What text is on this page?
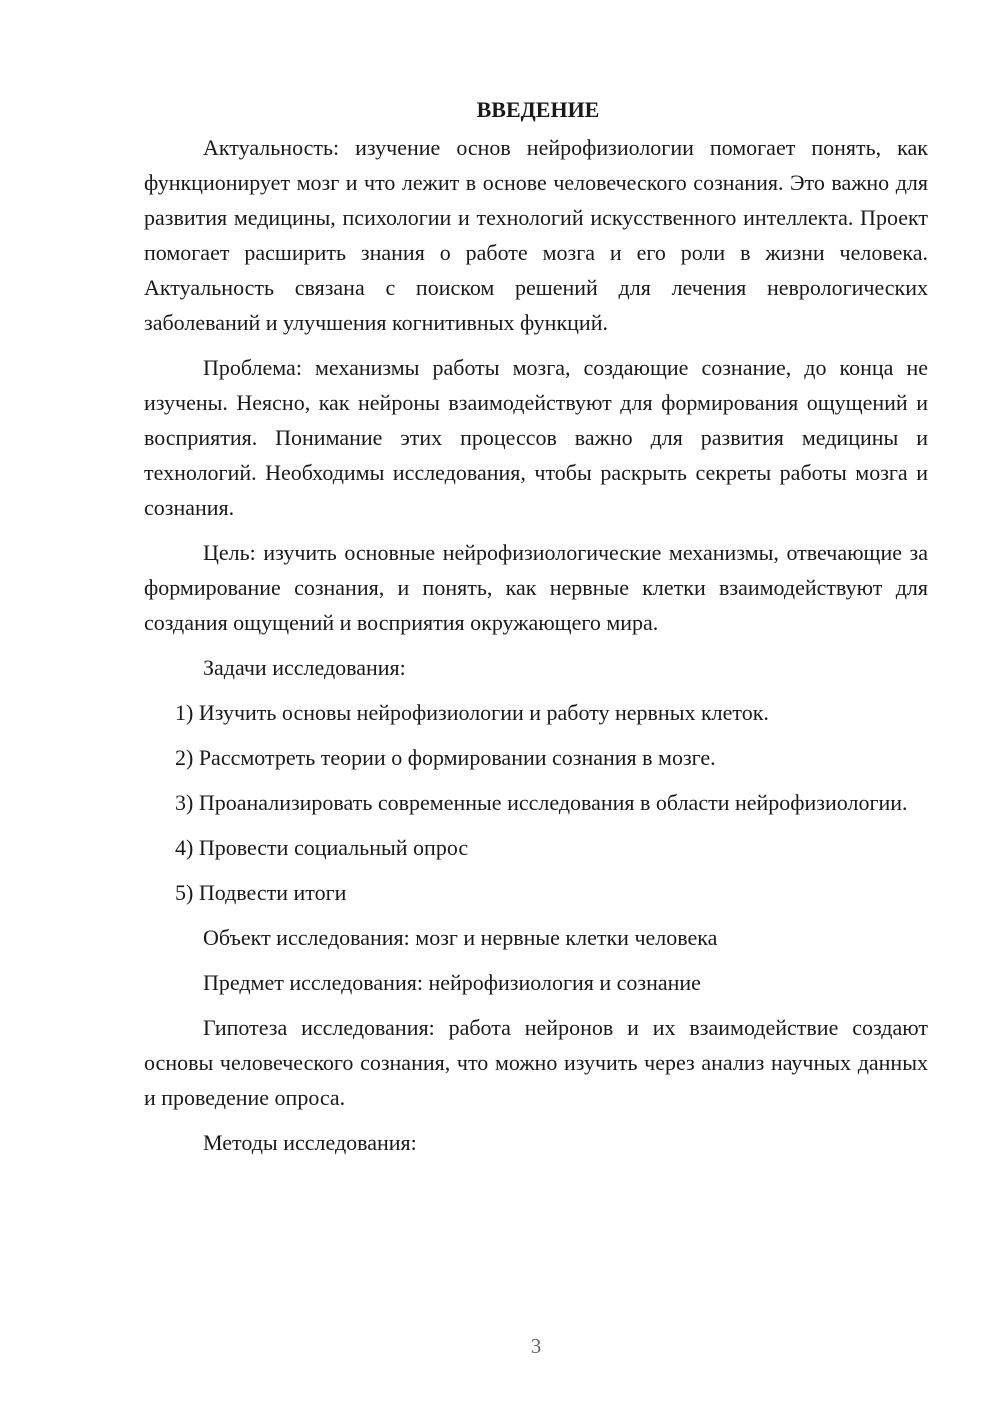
ВВЕДЕНИЕ

Актуальность: изучение основ нейрофизиологии помогает понять, как функционирует мозг и что лежит в основе человеческого сознания. Это важно для развития медицины, психологии и технологий искусственного интеллекта. Проект помогает расширить знания о работе мозга и его роли в жизни человека. Актуальность связана с поиском решений для лечения неврологических заболеваний и улучшения когнитивных функций.

Проблема: механизмы работы мозга, создающие сознание, до конца не изучены. Неясно, как нейроны взаимодействуют для формирования ощущений и восприятия. Понимание этих процессов важно для развития медицины и технологий. Необходимы исследования, чтобы раскрыть секреты работы мозга и сознания.

Цель: изучить основные нейрофизиологические механизмы, отвечающие за формирование сознания, и понять, как нервные клетки взаимодействуют для создания ощущений и восприятия окружающего мира.

Задачи исследования:

1) Изучить основы нейрофизиологии и работу нервных клеток.

2) Рассмотреть теории о формировании сознания в мозге.

3) Проанализировать современные исследования в области нейрофизиологии.

4) Провести социальный опрос

5) Подвести итоги

Объект исследования: мозг и нервные клетки человека

Предмет исследования: нейрофизиология и сознание

Гипотеза исследования: работа нейронов и их взаимодействие создают основы человеческого сознания, что можно изучить через анализ научных данных и проведение опроса.

Методы исследования:

3
